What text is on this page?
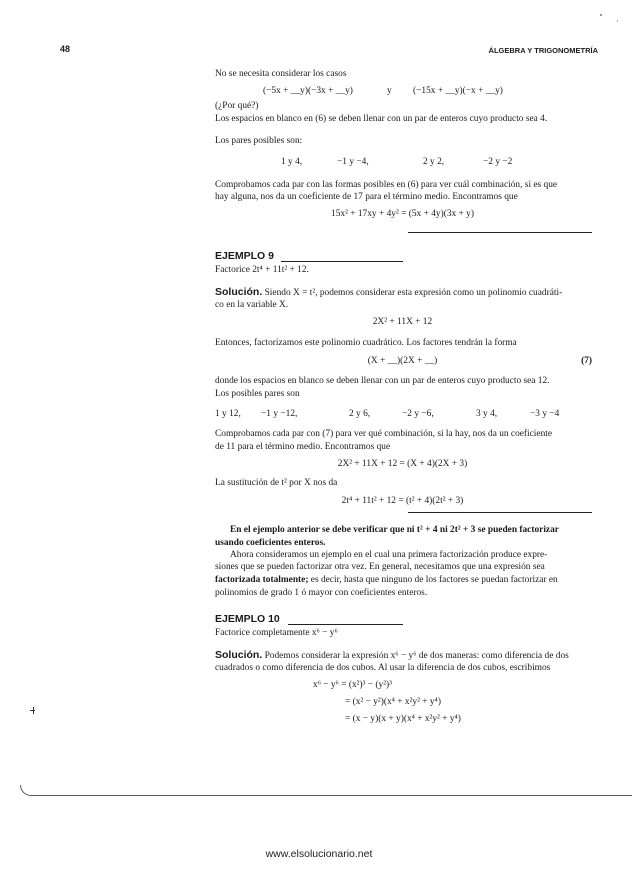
48	ÁLGEBRA Y TRIGONOMETRÍA
No se necesita considerar los casos
(−5x + __y)(−3x + __y)	y (−15x + __y)(−x + __y)
(¿Por qué?)
Los espacios en blanco en (6) se deben llenar con un par de enteros cuyo producto sea 4.
Los pares posibles son:
1 y 4,	−1 y −4,	2 y 2,	−2 y −2
Comprobamos cada par con las formas posibles en (6) para ver cuál combinación, si es que
hay alguna, nos da un coeficiente de 17 para el término medio. Encontramos que
15x² + 17xy + 4y² = (5x + 4y)(3x + y)
EJEMPLO 9
Factorice 2t⁴ + 11t² + 12.
Solución. Siendo X = t², podemos considerar esta expresión como un polinomio cuadráti-
co en la variable X.
2X² + 11X + 12
Entonces, factorizamos este polinomio cuadrático. Los factores tendrán la forma
(X + __)(2X + __)	(7)
donde los espacios en blanco se deben llenar con un par de enteros cuyo producto sea 12.
Los posibles pares son
1 y 12, −1 y −12,	2 y 6,	−2 y −6,	3 y 4,	−3 y −4
Comprobamos cada par con (7) para ver qué combinación, si la hay, nos da un coeficiente
de 11 para el término medio. Encontramos que
2X² + 11X + 12 = (X + 4)(2X + 3)
La sustitución de t² por X nos da
2t⁴ + 11t² + 12 = (t² + 4)(2t² + 3)
En el ejemplo anterior se debe verificar que ni t² + 4 ni 2t² + 3 se pueden factorizar
usando coeficientes enteros.
Ahora consideramos un ejemplo en el cual una primera factorización produce expre-
siones que se pueden factorizar otra vez. En general, necesitamos que una expresión sea
factorizada totalmente; es decir, hasta que ninguno de los factores se puedan factorizar en
polinomios de grado 1 ó mayor con coeficientes enteros.
EJEMPLO 10
Factorice completamente x⁶ − y⁶
Solución. Podemos considerar la expresión x⁶ − y⁶ de dos maneras: como diferencia de dos
cuadrados o como diferencia de dos cubos. Al usar la diferencia de dos cubos, escribimos
x⁶ − y⁶ = (x²)³ − (y²)³
= (x² − y²)(x⁴ + x²y² + y⁴)
= (x − y)(x + y)(x⁴ + x²y² + y⁴)
www.elsolucionario.net
